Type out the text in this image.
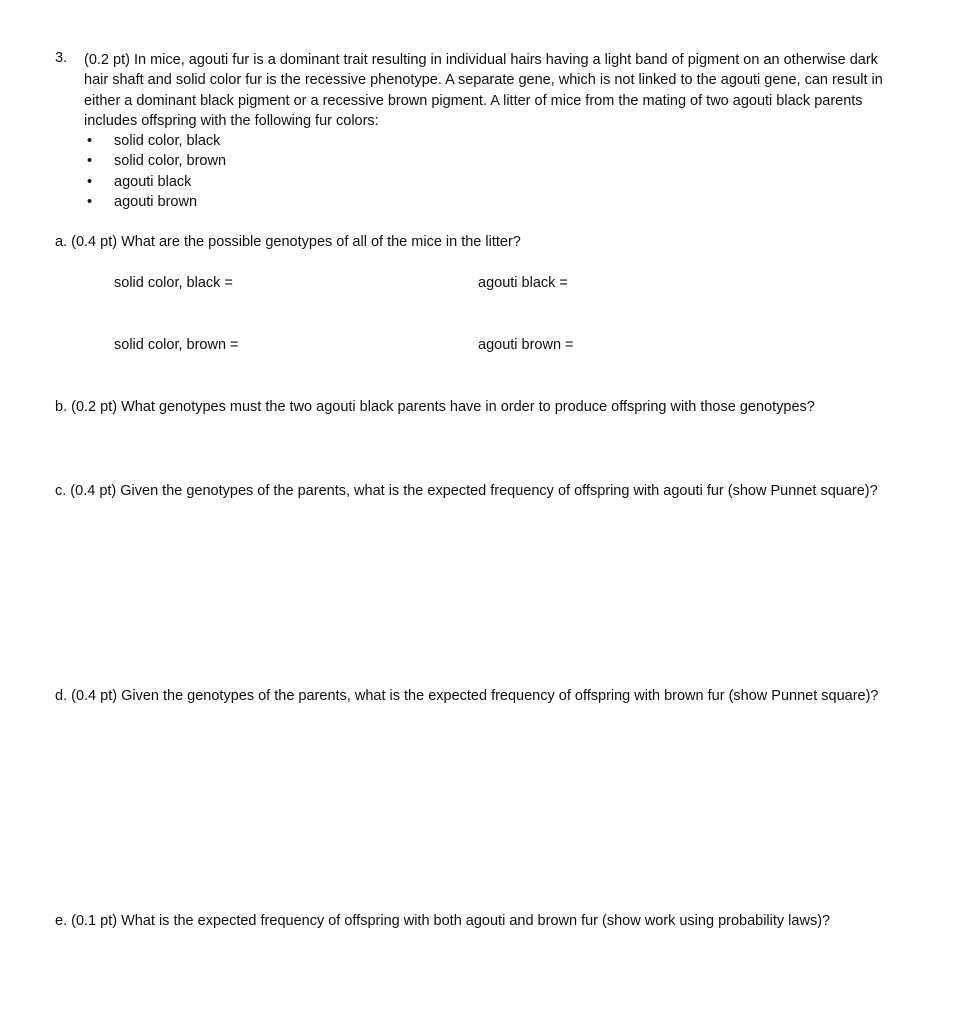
3. (0.2 pt) In mice, agouti fur is a dominant trait resulting in individual hairs having a light band of pigment on an otherwise dark hair shaft and solid color fur is the recessive phenotype. A separate gene, which is not linked to the agouti gene, can result in either a dominant black pigment or a recessive brown pigment. A litter of mice from the mating of two agouti black parents includes offspring with the following fur colors:
• solid color, black
• solid color, brown
• agouti black
• agouti brown
a. (0.4 pt) What are the possible genotypes of all of the mice in the litter?
solid color, black =	agouti black =
solid color, brown =	agouti brown =
b. (0.2 pt) What genotypes must the two agouti black parents have in order to produce offspring with those genotypes?
c. (0.4 pt) Given the genotypes of the parents, what is the expected frequency of offspring with agouti fur (show Punnet square)?
d. (0.4 pt) Given the genotypes of the parents, what is the expected frequency of offspring with brown fur (show Punnet square)?
e. (0.1 pt) What is the expected frequency of offspring with both agouti and brown fur (show work using probability laws)?
